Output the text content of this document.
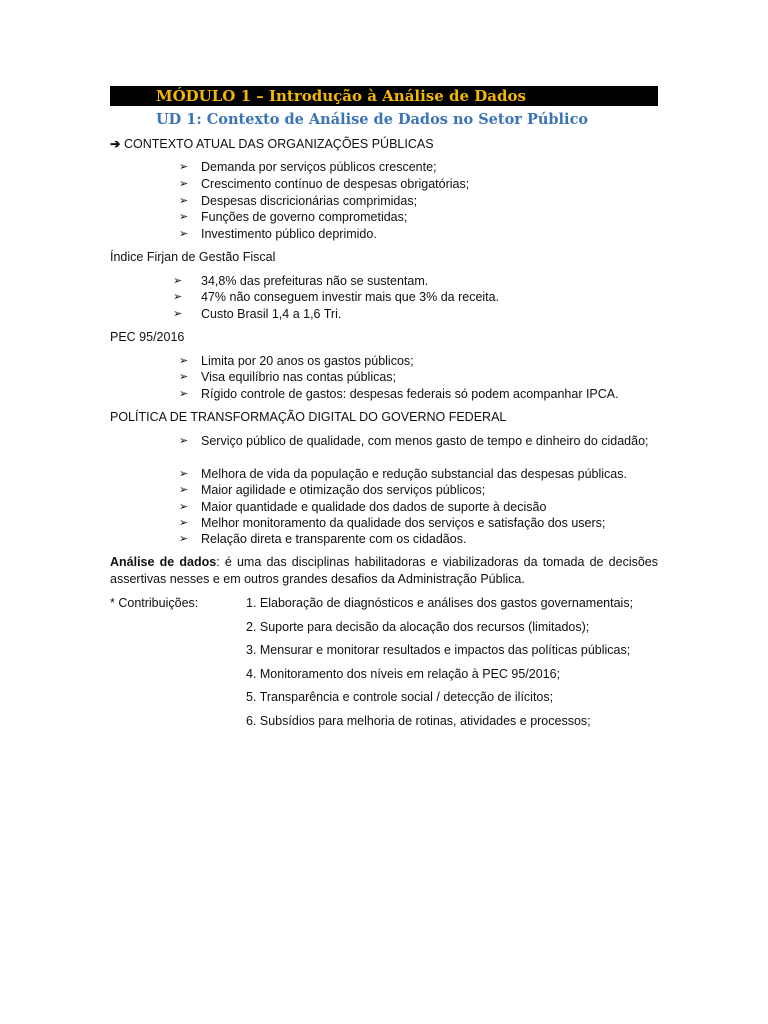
MÓDULO 1 – Introdução à Análise de Dados
UD 1: Contexto de Análise de Dados no Setor Público
➔ CONTEXTO ATUAL DAS ORGANIZAÇÕES PÚBLICAS
➢	Demanda por serviços públicos crescente;
➢	Crescimento contínuo de despesas obrigatórias;
➢	Despesas discricionárias comprimidas;
➢	Funções de governo comprometidas;
➢	Investimento público deprimido.
Índice Firjan de Gestão Fiscal
➢	34,8% das prefeituras não se sustentam.
➢	47% não conseguem investir mais que 3% da receita.
➢	Custo Brasil 1,4 a 1,6 Tri.
PEC 95/2016
➢	Limita por 20 anos os gastos públicos;
➢	Visa equilíbrio nas contas públicas;
➢	Rígido controle de gastos: despesas federais só podem acompanhar IPCA.
POLÍTICA DE TRANSFORMAÇÃO DIGITAL DO GOVERNO FEDERAL
➢	Serviço público de qualidade, com menos gasto de tempo e dinheiro do cidadão;
➢	Melhora de vida da população e redução substancial das despesas públicas.
➢	Maior agilidade e otimização dos serviços públicos;
➢	Maior quantidade e qualidade dos dados de suporte à decisão
➢	Melhor monitoramento da qualidade dos serviços e satisfação dos users;
➢	Relação direta e transparente com os cidadãos.
Análise de dados: é uma das disciplinas habilitadoras e viabilizadoras da tomada de decisões assertivas nesses e em outros grandes desafios da Administração Pública.
* Contribuições:	1. Elaboração de diagnósticos e análises dos gastos governamentais;
2. Suporte para decisão da alocação dos recursos (limitados);
3. Mensurar e monitorar resultados e impactos das políticas públicas;
4. Monitoramento dos níveis em relação à PEC 95/2016;
5. Transparência e controle social / detecção de ilícitos;
6. Subsídios para melhoria de rotinas, atividades e processos;
